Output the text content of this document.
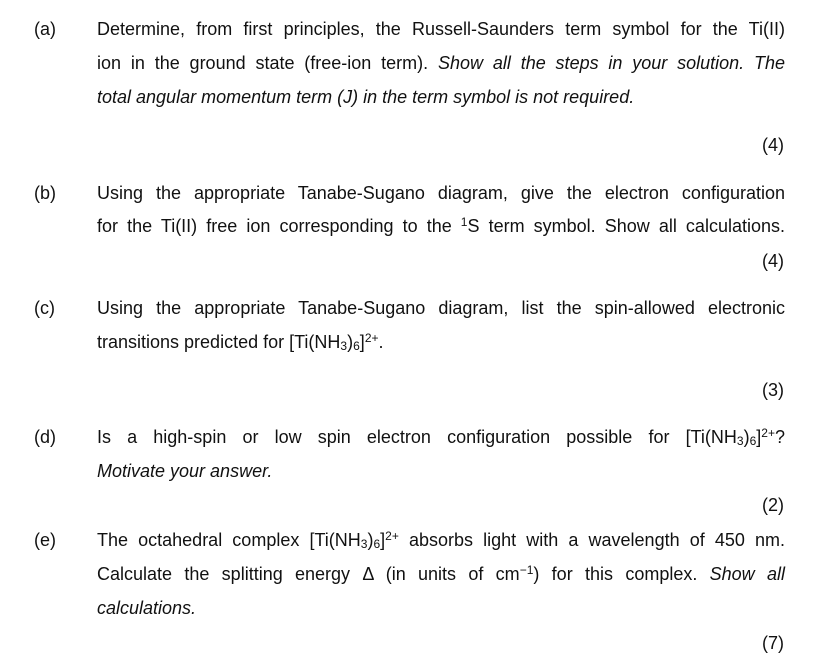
(a) Determine, from first principles, the Russell-Saunders term symbol for the Ti(II)
ion in the ground state (free-ion term). Show all the steps in your solution. The
total angular momentum term (J) in the term symbol is not required.
(4)
(b) Using the appropriate Tanabe-Sugano diagram, give the electron configuration
for the Ti(II) free ion corresponding to the $^1$S term symbol. Show all calculations.
(4)
(c) Using the appropriate Tanabe-Sugano diagram, list the spin-allowed electronic
transitions predicted for $[Ti(NH_3)_6]^{2+}$.
(3)
(d) Is a high-spin or low spin electron configuration possible for $[Ti(NH_3)_6]^{2+}$?
Motivate your answer.
(2)
(e) The octahedral complex $[Ti(NH_3)_6]^{2+}$ absorbs light with a wavelength of 450 nm.
Calculate the splitting energy Δ (in units of $cm^{-1}$) for this complex. Show all
calculations.
(7)
